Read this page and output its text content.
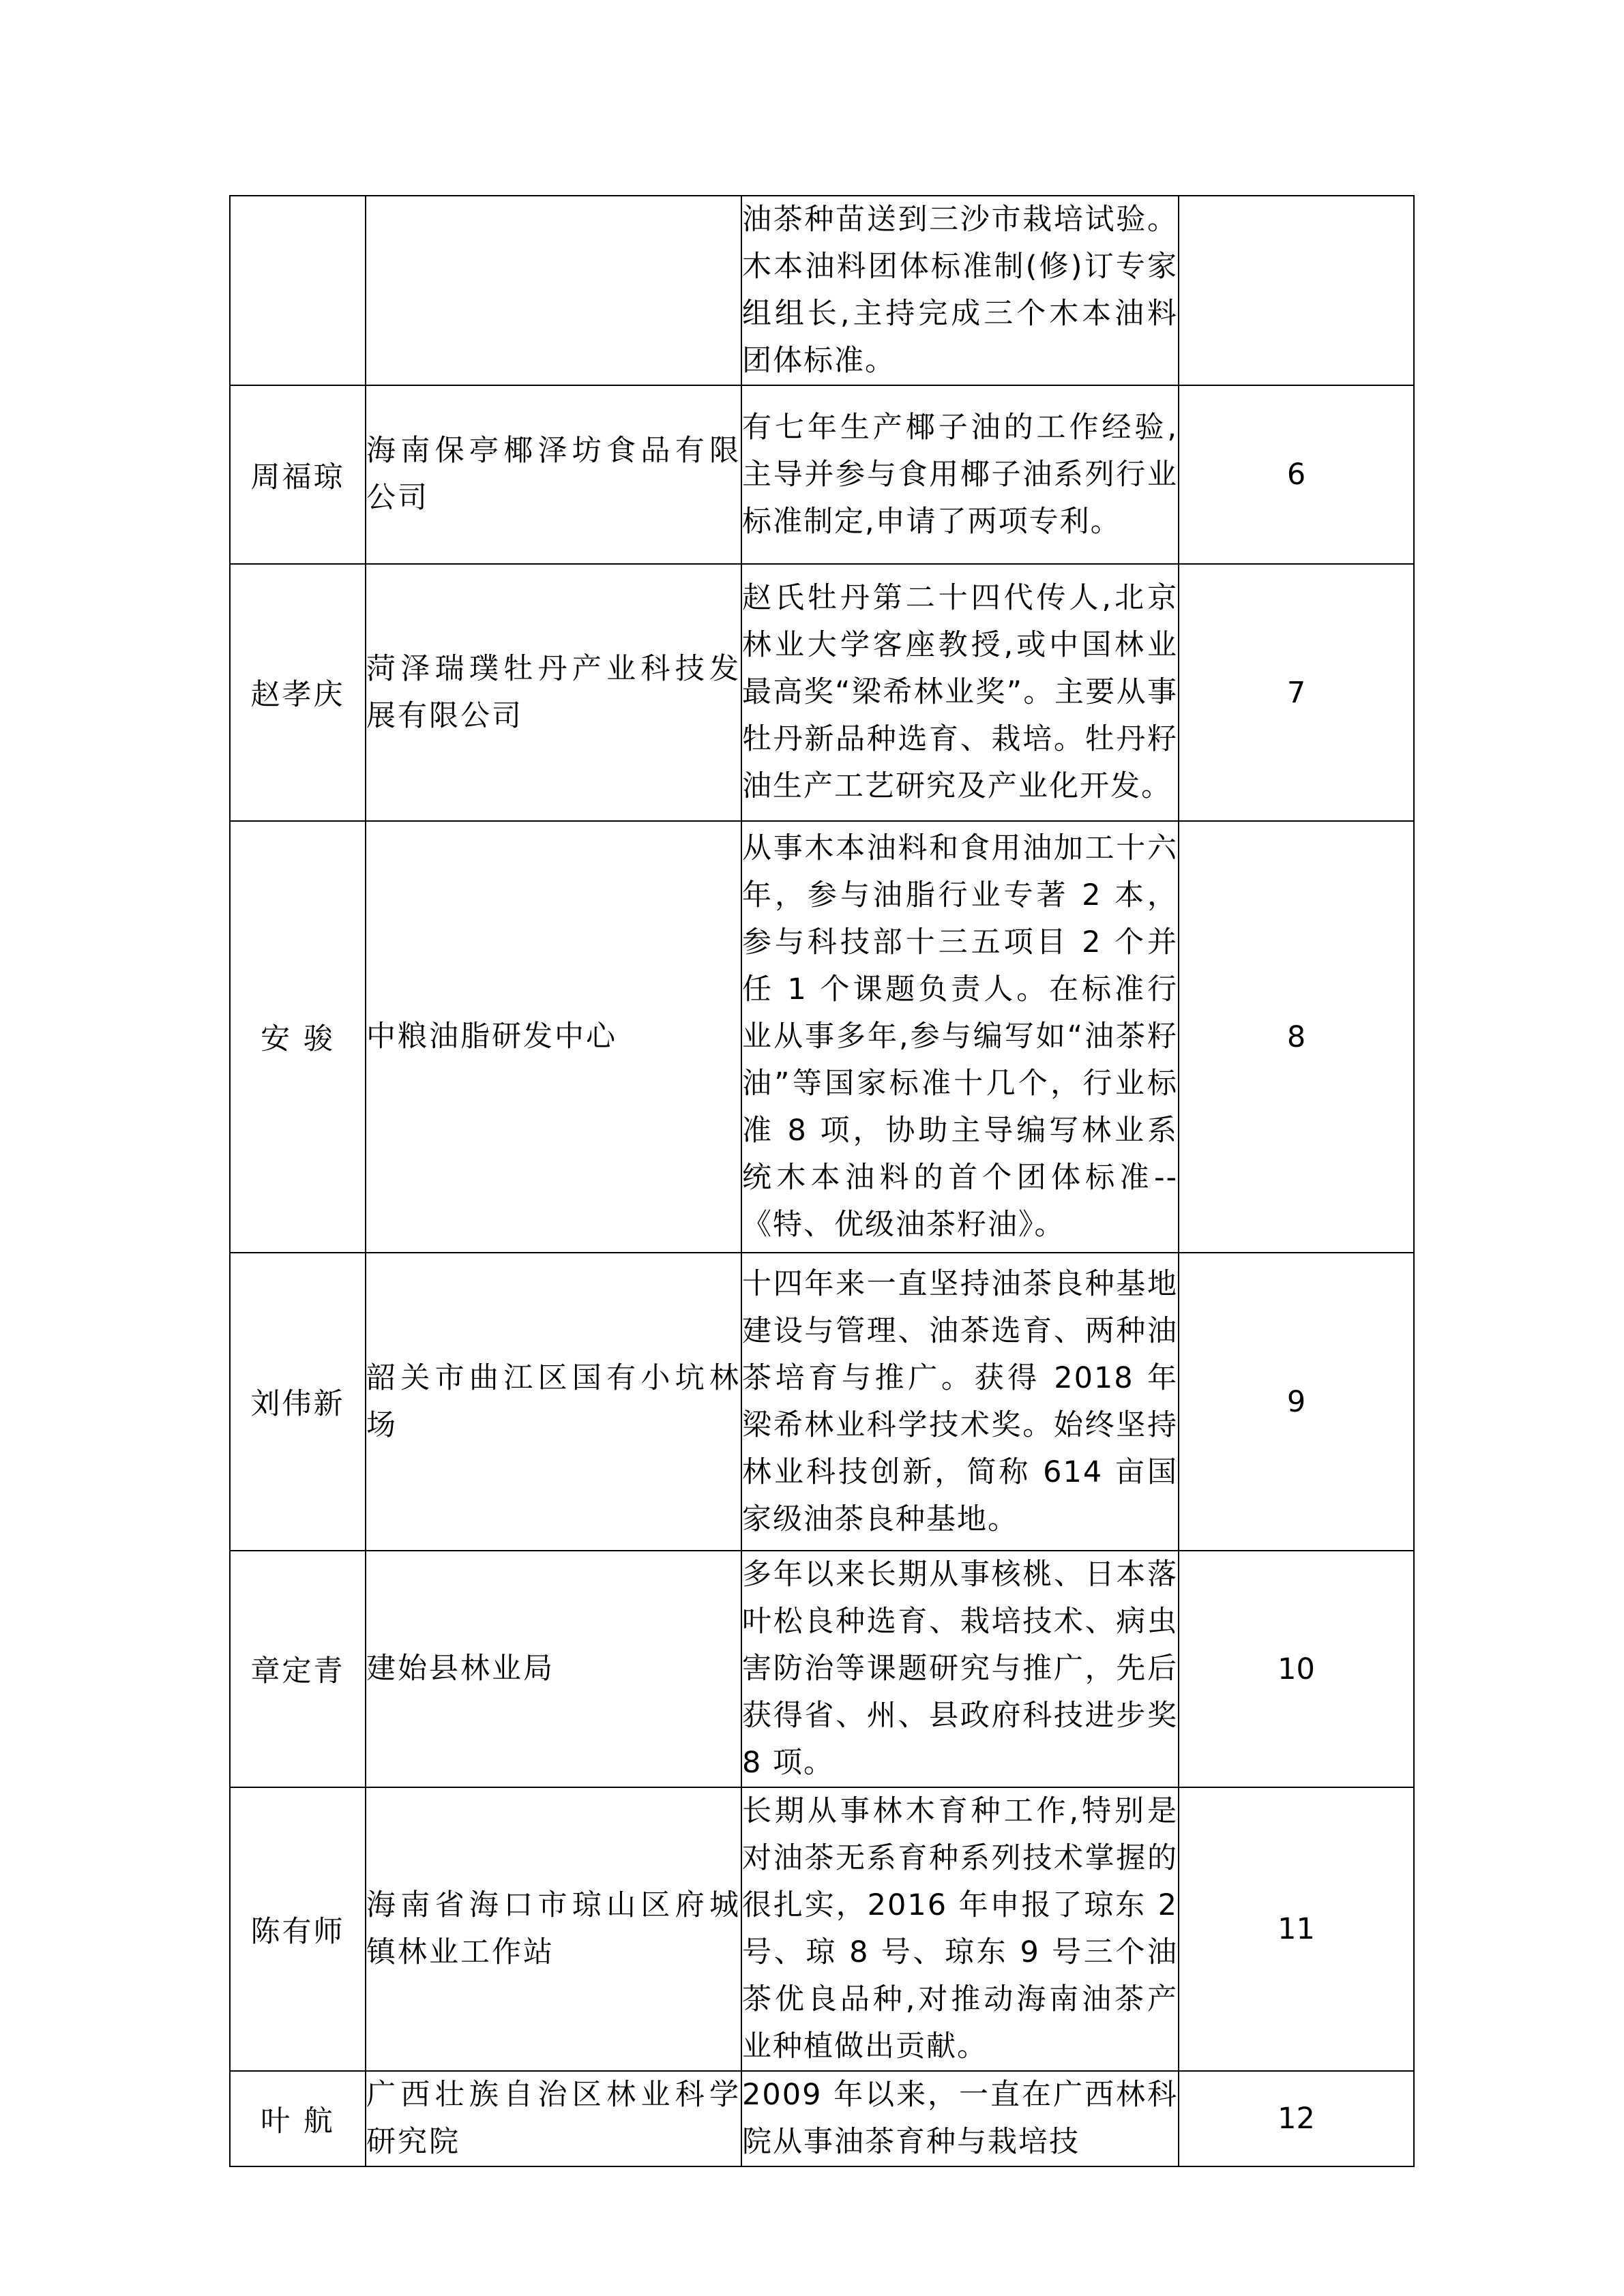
		油茶种苗送到三沙市栽培试验。木本油料团体标准制(修)订专家组组长,主持完成三个木本油料团体标准。	
周福琼	海南保亭椰泽坊食品有限公司	有七年生产椰子油的工作经验,主导并参与食用椰子油系列行业标准制定,申请了两项专利。	6
赵孝庆	菏泽瑞璞牡丹产业科技发展有限公司	赵氏牡丹第二十四代传人,北京林业大学客座教授,或中国林业最高奖“梁希林业奖”。主要从事牡丹新品种选育、栽培。牡丹籽油生产工艺研究及产业化开发。	7
安 骏	中粮油脂研发中心	从事木本油料和食用油加工十六年，参与油脂行业专著 2 本，参与科技部十三五项目 2 个并任 1 个课题负责人。在标准行业从事多年,参与编写如“油茶籽油”等国家标准十几个，行业标准 8 项，协助主导编写林业系统木本油料的首个团体标准--《特、优级油茶籽油》。	8
刘伟新	韶关市曲江区国有小坑林场	十四年来一直坚持油茶良种基地建设与管理、油茶选育、两种油茶培育与推广。获得 2018 年梁希林业科学技术奖。始终坚持林业科技创新，简称 614 亩国家级油茶良种基地。	9
章定青	建始县林业局	多年以来长期从事核桃、日本落叶松良种选育、栽培技术、病虫害防治等课题研究与推广，先后获得省、州、县政府科技进步奖 8 项。	10
陈有师	海南省海口市琼山区府城镇林业工作站	长期从事林木育种工作,特别是对油茶无系育种系列技术掌握的很扎实，2016 年申报了琼东 2 号、琼 8 号、琼东 9 号三个油茶优良品种,对推动海南油茶产业种植做出贡献。	11
叶 航	广西壮族自治区林业科学研究院	2009 年以来，一直在广西林科院从事油茶育种与栽培技	12
